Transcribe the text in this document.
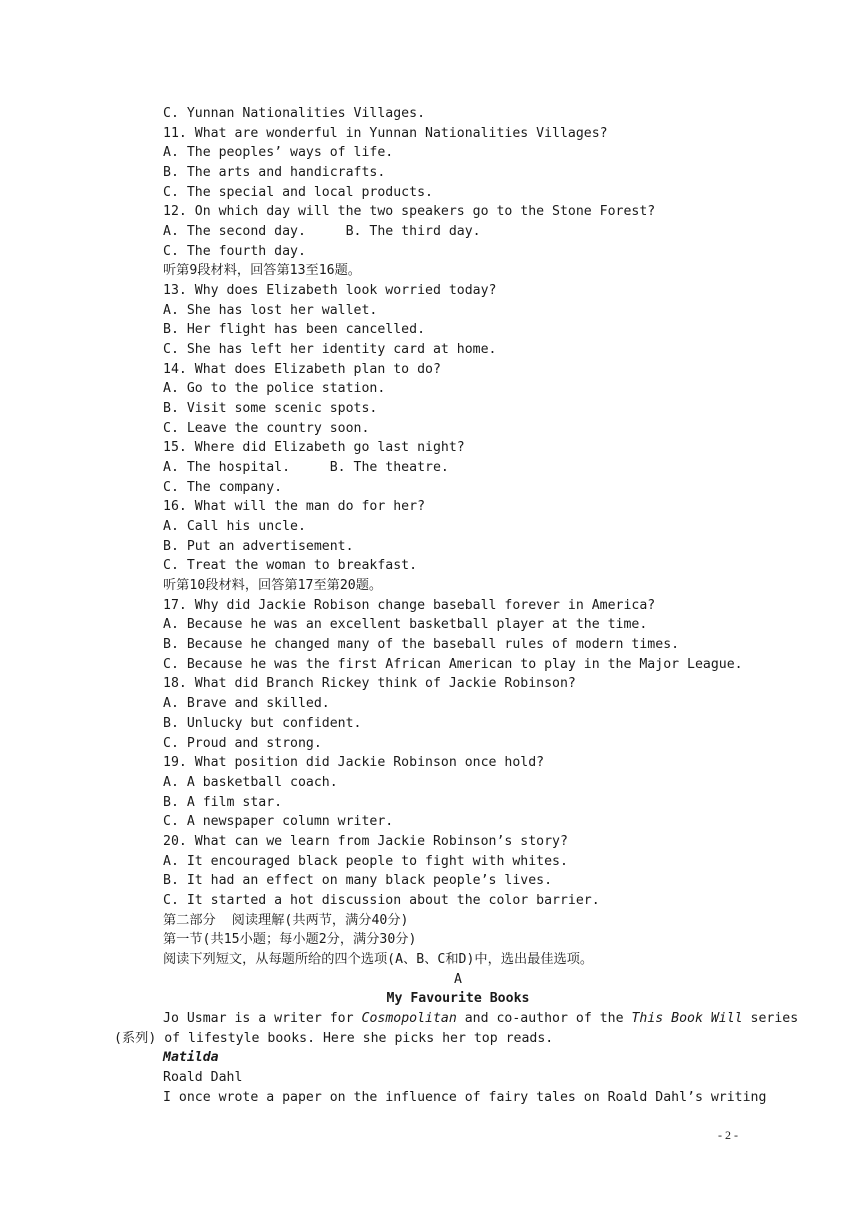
C. Yunnan Nationalities Villages.
11. What are wonderful in Yunnan Nationalities Villages?
A. The peoples’ ways of life.
B. The arts and handicrafts.
C. The special and local products.
12. On which day will the two speakers go to the Stone Forest?
A. The second day.     B. The third day.
C. The fourth day.
听第9段材料，回答第13至16题。
13. Why does Elizabeth look worried today?
A. She has lost her wallet.
B. Her flight has been cancelled.
C. She has left her identity card at home.
14. What does Elizabeth plan to do?
A. Go to the police station.
B. Visit some scenic spots.
C. Leave the country soon.
15. Where did Elizabeth go last night?
A. The hospital.     B. The theatre.
C. The company.
16. What will the man do for her?
A. Call his uncle.
B. Put an advertisement.
C. Treat the woman to breakfast.
听第10段材料，回答第17至第20题。
17. Why did Jackie Robison change baseball forever in America?
A. Because he was an excellent basketball player at the time.
B. Because he changed many of the baseball rules of modern times.
C. Because he was the first African American to play in the Major League.
18. What did Branch Rickey think of Jackie Robinson?
A. Brave and skilled.
B. Unlucky but confident.
C. Proud and strong.
19. What position did Jackie Robinson once hold?
A. A basketball coach.
B. A film star.
C. A newspaper column writer.
20. What can we learn from Jackie Robinson’s story?
A. It encouraged black people to fight with whites.
B. It had an effect on many black people’s lives.
C. It started a hot discussion about the color barrier.
第二部分  阅读理解(共两节，满分40分)
第一节(共15小题；每小题2分，满分30分)
阅读下列短文，从每题所给的四个选项(A、B、C和D)中，选出最佳选项。
A
My Favourite Books
Jo Usmar is a writer for Cosmopolitan and co-author of the This Book Will series
(系列) of lifestyle books. Here she picks her top reads.
Matilda
Roald Dahl
I once wrote a paper on the influence of fairy tales on Roald Dahl’s writing
- 2 -
